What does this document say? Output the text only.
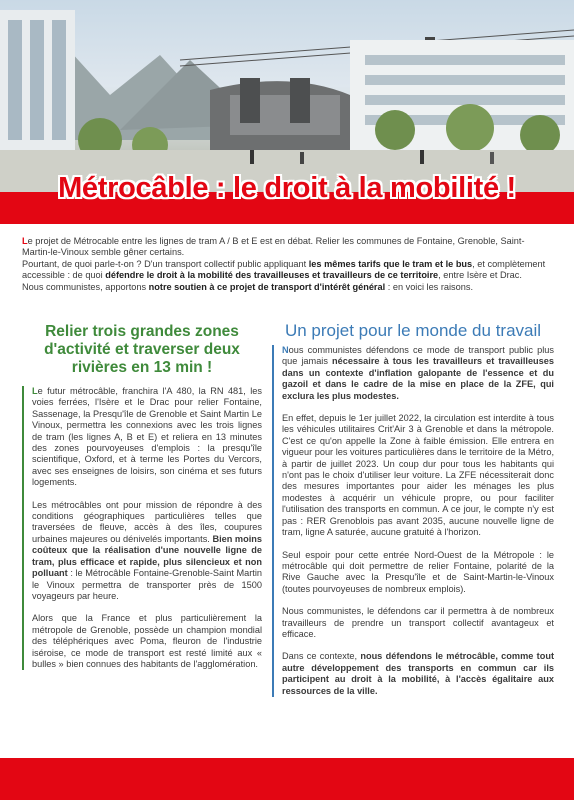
Métrocâble : le droit à la mobilité !

Le projet de Métrocable entre les lignes de tram A / B et E est en débat. Relier les communes de Fontaine, Grenoble, Saint-Martin-le-Vinoux semble gêner certains.

Pourtant, de quoi parle-t-on ? D'un transport collectif public appliquant les mêmes tarifs que le tram et le bus, et complètement accessible : de quoi défendre le droit à la mobilité des travailleuses et travailleurs de ce territoire, entre Isère et Drac.

Nous communistes, apportons notre soutien à ce projet de transport d'intérêt général : en voici les raisons.

Relier trois grandes zones d'activité et traverser deux rivières en 13 min !
Un projet pour le monde du travail

Le futur métrocâble, franchira l'A 480, la RN 481, les voies ferrées, l'Isère et le Drac pour relier Fontaine, Sassenage, la Presqu'île de Grenoble et Saint Martin Le Vinoux, permettra les connexions avec les trois lignes de tram (les lignes A, B et E) et reliera en 13 minutes des zones pourvoyeuses d'emplois : la presqu'île scientifique, Oxford, et à terme les Portes du Vercors, avec ses enseignes de loisirs, son cinéma et ses futurs logements.

Les métrocâbles ont pour mission de répondre à des conditions géographiques particulières telles que traversées de fleuve, accès à des îles, coupures urbaines majeures ou dénivelés importants. Bien moins coûteux que la réalisation d'une nouvelle ligne de tram, plus efficace et rapide, plus silencieux et non polluant : le Métrocâble Fontaine-Grenoble-Saint Martin le Vinoux permettra de transporter près de 1500 voyageurs par heure.

Alors que la France et plus particulièrement la métropole de Grenoble, possède un champion mondial des téléphériques avec Poma, fleuron de l'industrie iséroise, ce mode de transport est resté limité aux « bulles » bien connues des habitants de l'agglomération.

Nous communistes défendons ce mode de transport public plus que jamais nécessaire à tous les travailleurs et travailleuses dans un contexte d'inflation galopante de l'essence et du gazoil et dans le cadre de la mise en place de la ZFE, qui exclura les plus modestes.

En effet, depuis le 1er juillet 2022, la circulation est interdite à tous les véhicules utilitaires Crit'Air 3 à Grenoble et dans la métropole. C'est ce qu'on appelle la Zone à faible émission. Elle entrera en vigueur pour les voitures particulières dans le territoire de la Métro, à partir de juillet 2023. Un coup dur pour tous les habitants qui n'ont pas le choix d'utiliser leur voiture. La ZFE nécessiterait donc des mesures importantes pour aider les ménages les plus modestes à acquérir un véhicule propre, ou pour faciliter l'utilisation des transports en commun. A ce jour, le compte n'y est pas : RER Grenoblois pas avant 2035, aucune nouvelle ligne de tram, ligne A saturée, aucune gratuité à l'horizon.

Seul espoir pour cette entrée Nord-Ouest de la Métropole : le métrocâble qui doit permettre de relier Fontaine, polarité de la Rive Gauche avec la Presqu'île et de Saint-Martin-le-Vinoux (toutes pourvoyeuses de nombreux emplois).

Nous communistes, le défendons car il permettra à de nombreux travailleurs de prendre un transport collectif avantageux et efficace.

Dans ce contexte, nous défendons le métrocâble, comme tout autre développement des transports en commun car ils participent au droit à la mobilité, à l'accès égalitaire aux ressources de la ville.
